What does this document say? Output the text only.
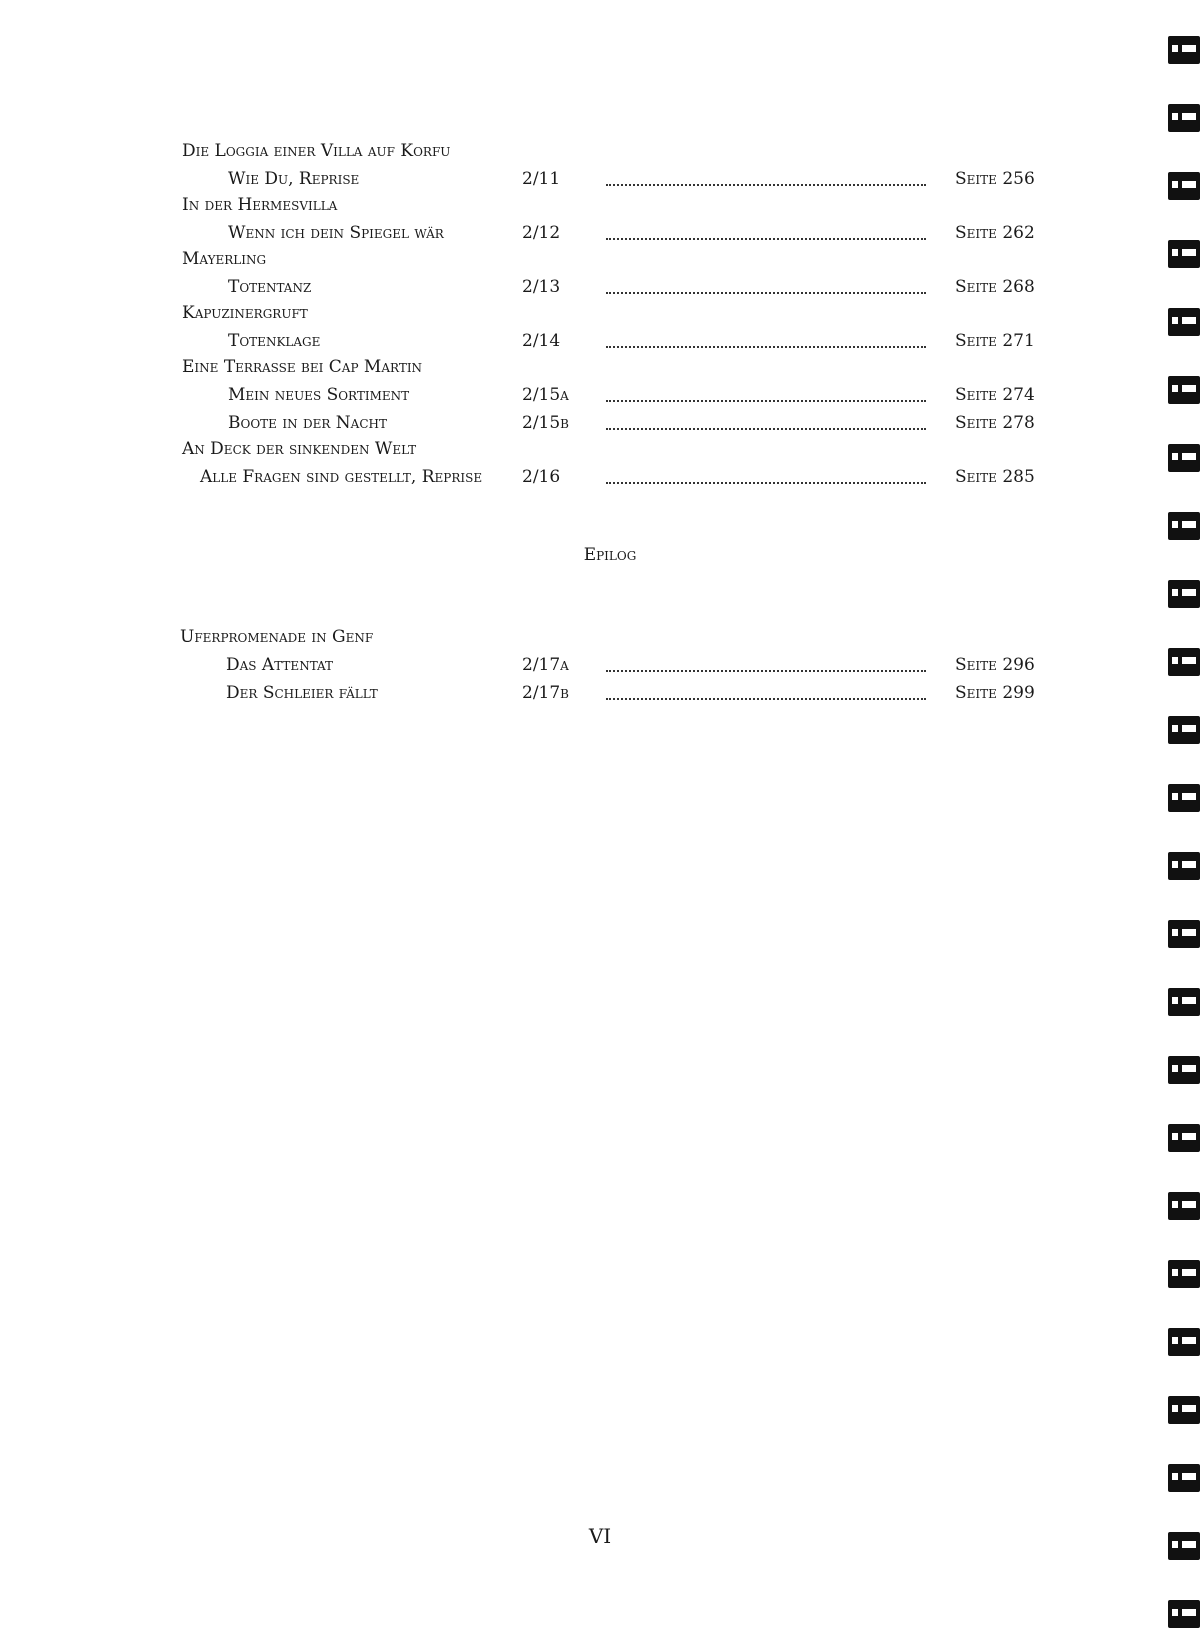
Die Loggia einer Villa auf Korfu
Wie Du, Reprise	2/11	Seite 256
In der Hermesvilla
Wenn ich dein Spiegel wär	2/12	Seite 262
Mayerling
Totentanz	2/13	Seite 268
Kapuzinergruft
Totenklage	2/14	Seite 271
Eine Terrasse bei Cap Martin
Mein neues Sortiment	2/15a	Seite 274
Boote in der Nacht	2/15b	Seite 278
An Deck der sinkenden Welt
Alle Fragen sind gestellt, Reprise 2/16	Seite 285
Epilog
Uferpromenade in Genf
Das Attentat	2/17a	Seite 296
Der Schleier fällt	2/17b	Seite 299
VI
